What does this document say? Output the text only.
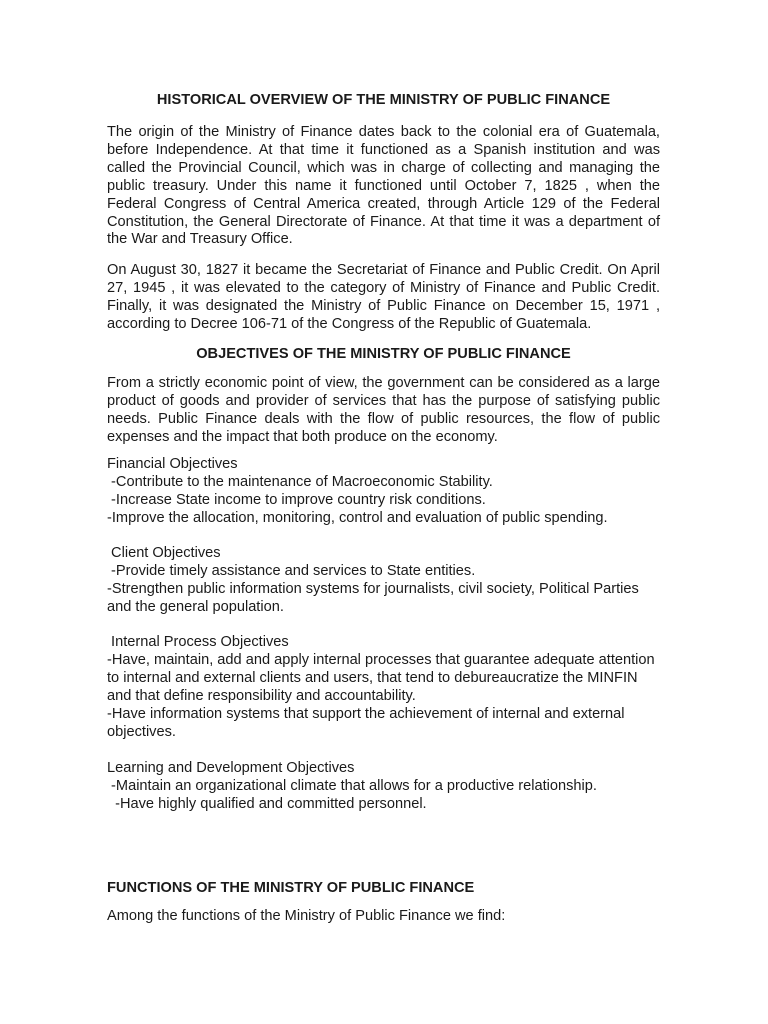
HISTORICAL OVERVIEW OF THE MINISTRY OF PUBLIC FINANCE

The origin of the Ministry of Finance dates back to the colonial era of Guatemala, before Independence. At that time it functioned as a Spanish institution and was called the Provincial Council, which was in charge of collecting and managing the public treasury. Under this name it functioned until October 7, 1825 , when the Federal Congress of Central America created, through Article 129 of the Federal Constitution, the General Directorate of Finance. At that time it was a department of the War and Treasury Office.

On August 30, 1827 it became the Secretariat of Finance and Public Credit. On April 27, 1945 , it was elevated to the category of Ministry of Finance and Public Credit. Finally, it was designated the Ministry of Public Finance on December 15, 1971 , according to Decree 106-71 of the Congress of the Republic of Guatemala.

OBJECTIVES OF THE MINISTRY OF PUBLIC FINANCE

From a strictly economic point of view, the government can be considered as a large product of goods and provider of services that has the purpose of satisfying public needs. Public Finance deals with the flow of public resources, the flow of public expenses and the impact that both produce on the economy.

Financial Objectives
-Contribute to the maintenance of Macroeconomic Stability.
-Increase State income to improve country risk conditions.
-Improve the allocation, monitoring, control and evaluation of public spending.
Client Objectives
-Provide timely assistance and services to State entities.
-Strengthen public information systems for journalists, civil society, Political Parties and the general population.
Internal Process Objectives
-Have, maintain, add and apply internal processes that guarantee adequate attention to internal and external clients and users, that tend to debureaucratize the MINFIN and that define responsibility and accountability.
-Have information systems that support the achievement of internal and external objectives.
Learning and Development Objectives
-Maintain an organizational climate that allows for a productive relationship.
-Have highly qualified and committed personnel.

FUNCTIONS OF THE MINISTRY OF PUBLIC FINANCE

Among the functions of the Ministry of Public Finance we find:
